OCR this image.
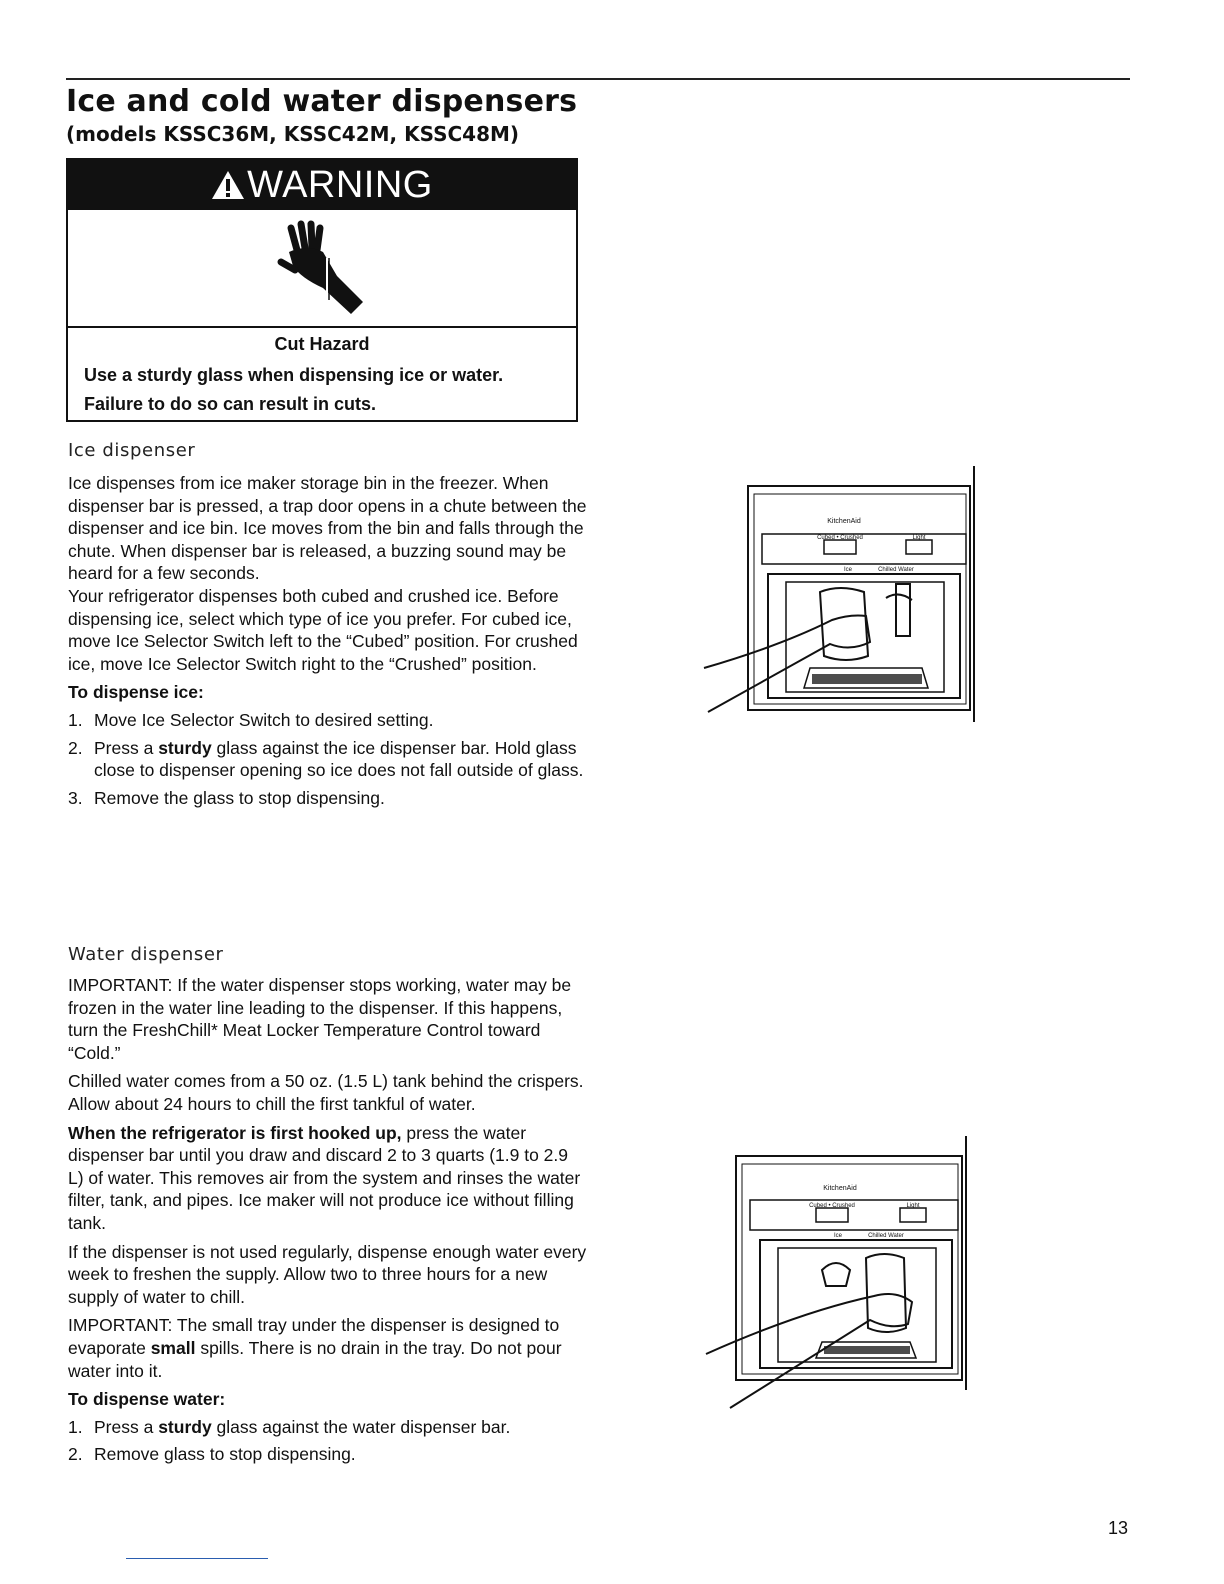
Ice and cold water dispensers
(models KSSC36M, KSSC42M, KSSC48M)
WARNING
Cut Hazard
Use a sturdy glass when dispensing ice or water.
Failure to do so can result in cuts.
Ice dispenser

Ice dispenses from ice maker storage bin in the freezer. When dispenser bar is pressed, a trap door opens in a chute between the dispenser and ice bin. Ice moves from the bin and falls through the chute. When dispenser bar is released, a buzzing sound may be heard for a few seconds.

Your refrigerator dispenses both cubed and crushed ice. Before dispensing ice, select which type of ice you prefer. For cubed ice, move Ice Selector Switch left to the “Cubed” position. For crushed ice, move Ice Selector Switch right to the “Crushed” position.

To dispense ice:

1. Move Ice Selector Switch to desired setting.
2. Press a sturdy glass against the ice dispenser bar. Hold glass close to dispenser opening so ice does not fall outside of glass.
3. Remove the glass to stop dispensing.
Water dispenser

IMPORTANT: If the water dispenser stops working, water may be frozen in the water line leading to the dispenser. If this happens, turn the FreshChill* Meat Locker Temperature Control toward “Cold.”

Chilled water comes from a 50 oz. (1.5 L) tank behind the crispers. Allow about 24 hours to chill the first tankful of water.

When the refrigerator is first hooked up, press the water dispenser bar until you draw and discard 2 to 3 quarts (1.9 to 2.9 L) of water. This removes air from the system and rinses the water filter, tank, and pipes. Ice maker will not produce ice without filling tank.

If the dispenser is not used regularly, dispense enough water every week to freshen the supply. Allow two to three hours for a new supply of water to chill.

IMPORTANT: The small tray under the dispenser is designed to evaporate small spills. There is no drain in the tray. Do not pour water into it.

To dispense water:

1. Press a sturdy glass against the water dispenser bar.
2. Remove glass to stop dispensing.
KitchenAid
Cubed • Crushed	Light
Ice	Chilled Water
KitchenAid
Cubed • Crushed	Light
Ice	Chilled Water
13
